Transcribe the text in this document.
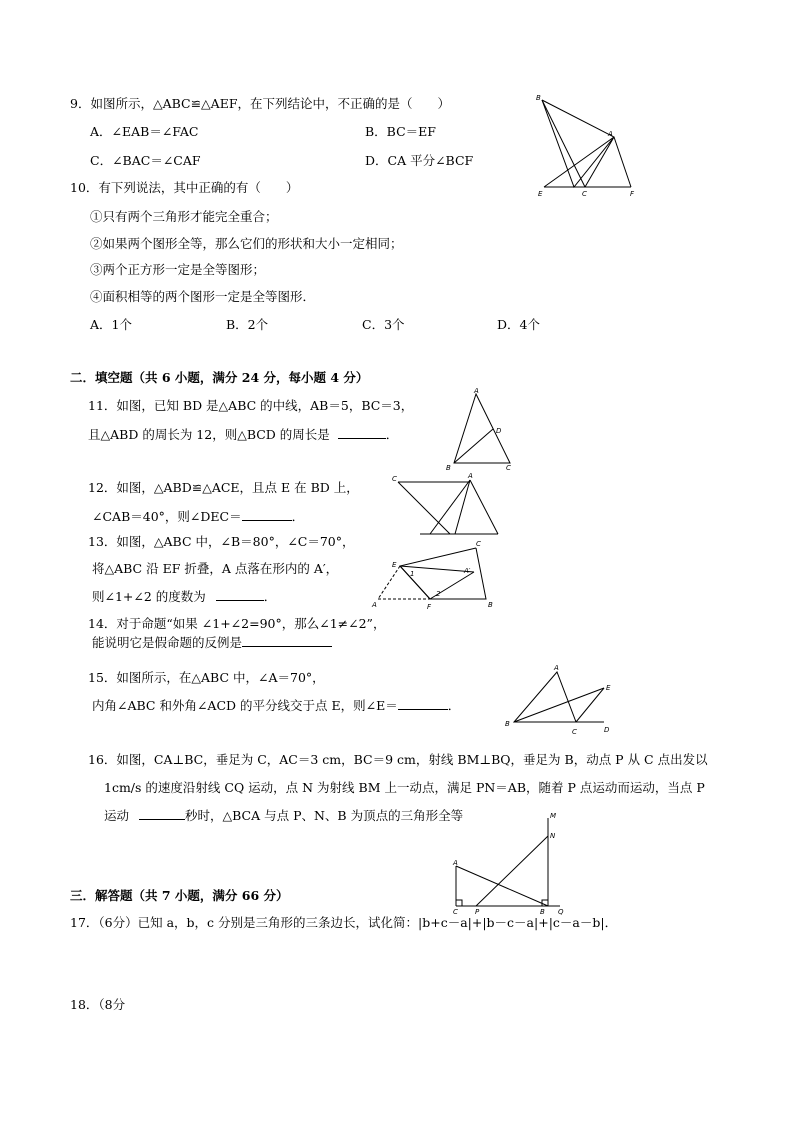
9．如图所示，△ABC≌△AEF，在下列结论中，不正确的是（　　）
A．∠EAB＝∠FAC	B．BC＝EF
C．∠BAC＝∠CAF	D．CA 平分∠BCF
B
A
E	C	F
10．有下列说法，其中正确的有（　　）
①只有两个三角形才能完全重合；
②如果两个图形全等，那么它们的形状和大小一定相同；
③两个正方形一定是全等图形；
④面积相等的两个图形一定是全等图形．
A．1个	B．2个	C．3个	D．4个
二．填空题（共 6 小题，满分 24 分，每小题 4 分）
11．如图，已知 BD 是△ABC 的中线，AB＝5，BC＝3，
且△ABD 的周长为 12，则△BCD 的周长是	．
A
D
B	C
12．如图，△ABD≌△ACE，且点 E 在 BD 上，
∠CAB＝40°，则∠DEC＝	．
C	A
13．如图，△ABC 中，∠B＝80°，∠C＝70°，
将△ABC 沿 EF 折叠，A 点落在形内的 A′，
则∠1+∠2 的度数为	．
C
E
A′
A	F	B
1
2
14．对于命题“如果 ∠1+∠2=90°，那么∠1≠∠2”，
能说明它是假命题的反例是
15．如图所示，在△ABC 中，∠A＝70°，
内角∠ABC 和外角∠ACD 的平分线交于点 E，则∠E＝	．
A
E
B
C	D
16．如图，CA⊥BC，垂足为 C，AC＝3 cm，BC＝9 cm，射线 BM⊥BQ，垂足为 B，动点 P 从 C 点出发以
1cm/s 的速度沿射线 CQ 运动，点 N 为射线 BM 上一动点，满足 PN＝AB，随着 P 点运动而运动，当点 P
运动	秒时，△BCA 与点 P、N、B 为顶点的三角形全等	M
N
A
C P	B Q
三．解答题（共 7 小题，满分 66 分）
17．（6分）已知 a，b，c 分别是三角形的三条边长，试化简：|b+c－a|+|b－c－a|+|c－a－b|．
18．（8分
